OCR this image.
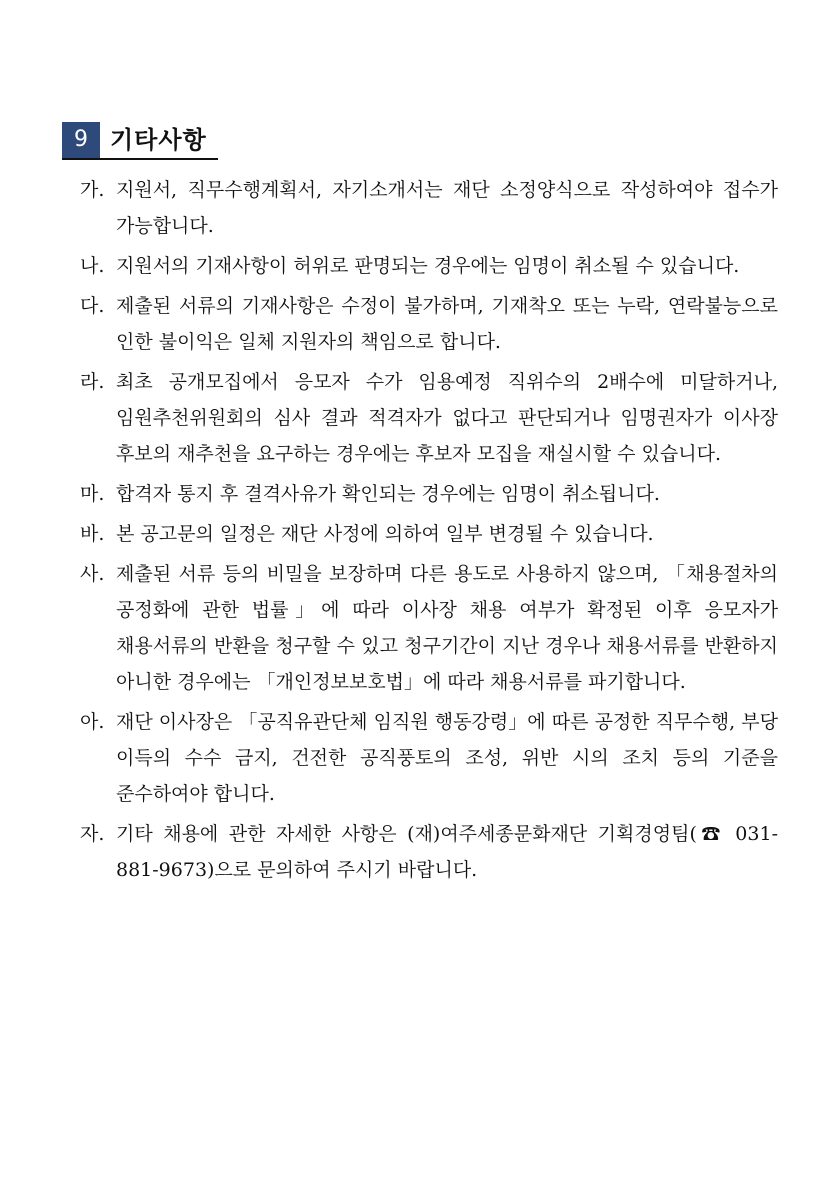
9 기타사항
가. 지원서, 직무수행계획서, 자기소개서는 재단 소정양식으로 작성하여야 접수가 가능합니다.
나. 지원서의 기재사항이 허위로 판명되는 경우에는 임명이 취소될 수 있습니다.
다. 제출된 서류의 기재사항은 수정이 불가하며, 기재착오 또는 누락, 연락불능으로 인한 불이익은 일체 지원자의 책임으로 합니다.
라. 최초 공개모집에서 응모자 수가 임용예정 직위수의 2배수에 미달하거나, 임원추천위원회의 심사 결과 적격자가 없다고 판단되거나 임명권자가 이사장 후보의 재추천을 요구하는 경우에는 후보자 모집을 재실시할 수 있습니다.
마. 합격자 통지 후 결격사유가 확인되는 경우에는 임명이 취소됩니다.
바. 본 공고문의 일정은 재단 사정에 의하여 일부 변경될 수 있습니다.
사. 제출된 서류 등의 비밀을 보장하며 다른 용도로 사용하지 않으며, 「채용절차의 공정화에 관한 법률」에 따라 이사장 채용 여부가 확정된 이후 응모자가 채용서류의 반환을 청구할 수 있고 청구기간이 지난 경우나 채용서류를 반환하지 아니한 경우에는 「개인정보보호법」에 따라 채용서류를 파기합니다.
아. 재단 이사장은 「공직유관단체 임직원 행동강령」에 따른 공정한 직무수행, 부당 이득의 수수 금지, 건전한 공직풍토의 조성, 위반 시의 조치 등의 기준을 준수하여야 합니다.
자. 기타 채용에 관한 자세한 사항은 (재)여주세종문화재단 기획경영팀(☎ 031-881-9673)으로 문의하여 주시기 바랍니다.
